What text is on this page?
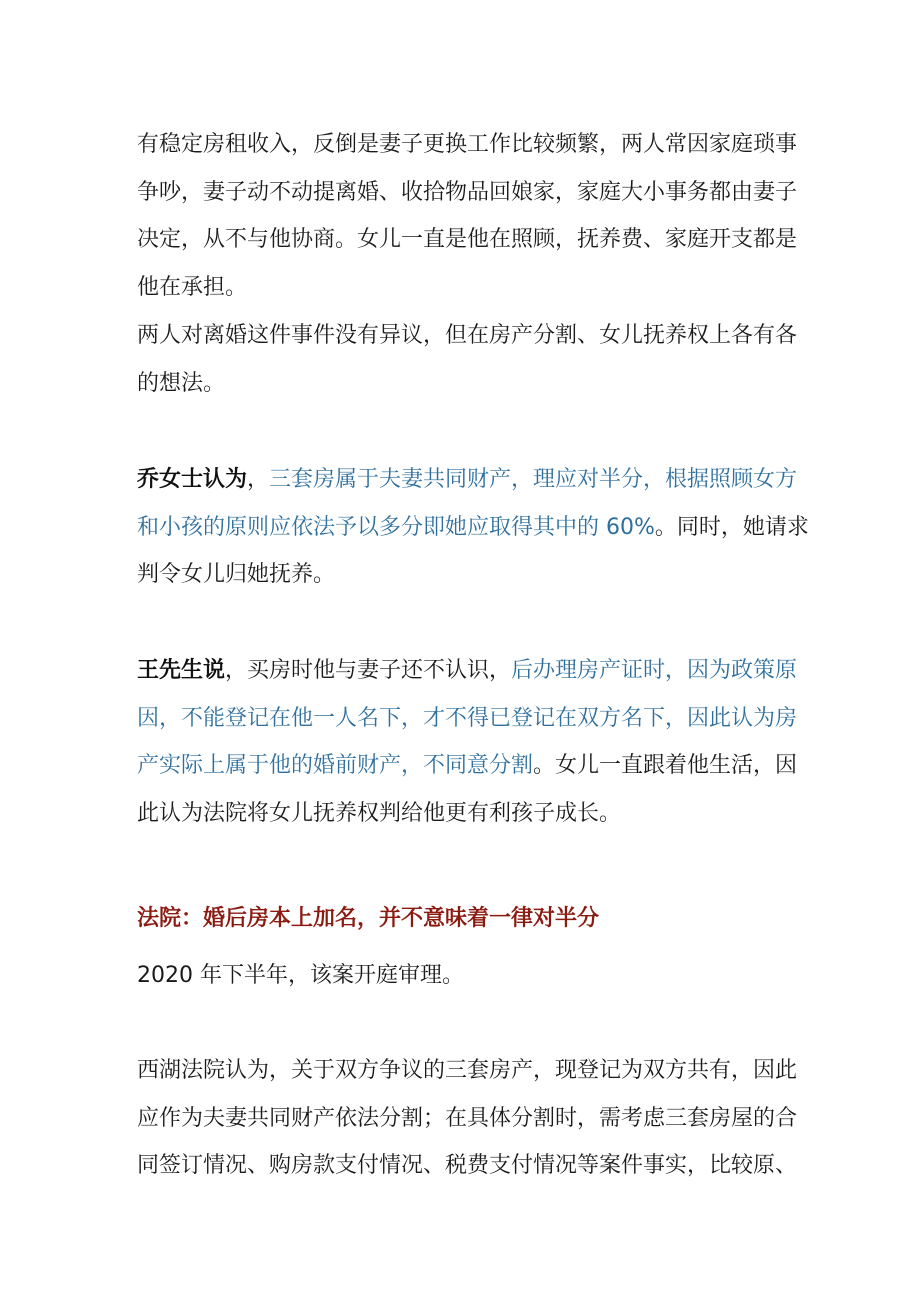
有稳定房租收入，反倒是妻子更换工作比较频繁，两人常因家庭琐事
争吵，妻子动不动提离婚、收拾物品回娘家，家庭大小事务都由妻子
决定，从不与他协商。女儿一直是他在照顾，抚养费、家庭开支都是
他在承担。
两人对离婚这件事件没有异议，但在房产分割、女儿抚养权上各有各
的想法。
乔女士认为，三套房属于夫妻共同财产，理应对半分，根据照顾女方
和小孩的原则应依法予以多分即她应取得其中的 60%。同时，她请求
判令女儿归她抚养。
王先生说，买房时他与妻子还不认识，后办理房产证时，因为政策原
因，不能登记在他一人名下，才不得已登记在双方名下，因此认为房
产实际上属于他的婚前财产，不同意分割。女儿一直跟着他生活，因
此认为法院将女儿抚养权判给他更有利孩子成长。
法院：婚后房本上加名，并不意味着一律对半分
2020 年下半年，该案开庭审理。
西湖法院认为，关于双方争议的三套房产，现登记为双方共有，因此
应作为夫妻共同财产依法分割；在具体分割时，需考虑三套房屋的合
同签订情况、购房款支付情况、税费支付情况等案件事实，比较原、
